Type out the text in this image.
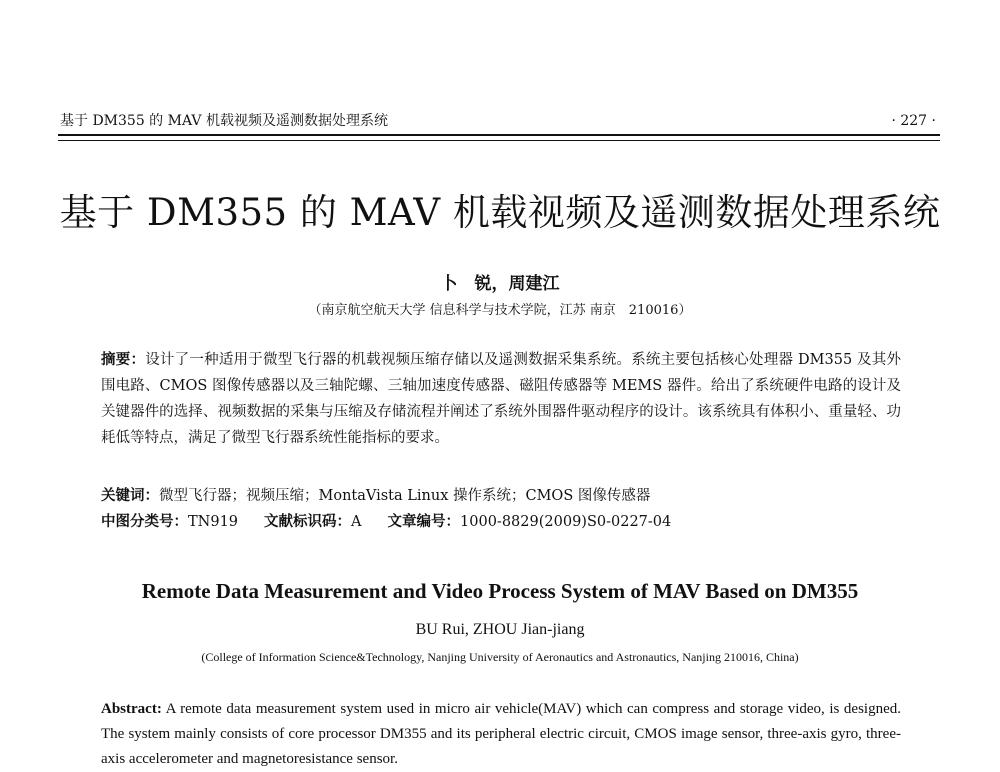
基于 DM355 的 MAV 机载视频及遥测数据处理系统	· 227 ·
基于 DM355 的 MAV 机载视频及遥测数据处理系统
卜　锐，周建江
（南京航空航天大学 信息科学与技术学院，江苏 南京　210016）
摘要：设计了一种适用于微型飞行器的机载视频压缩存储以及遥测数据采集系统。系统主要包括核心处理器 DM355 及其外围电路、CMOS 图像传感器以及三轴陀螺、三轴加速度传感器、磁阻传感器等 MEMS 器件。给出了系统硬件电路的设计及关键器件的选择、视频数据的采集与压缩及存储流程并阐述了系统外围器件驱动程序的设计。该系统具有体积小、重量轻、功耗低等特点，满足了微型飞行器系统性能指标的要求。
关键词：微型飞行器；视频压缩；MontaVista Linux 操作系统；CMOS 图像传感器
中图分类号：TN919 文献标识码：A 文章编号：1000-8829(2009)S0-0227-04
Remote Data Measurement and Video Process System of MAV Based on DM355
BU Rui, ZHOU Jian-jiang
(College of Information Science&Technology, Nanjing University of Aeronautics and Astronautics, Nanjing 210016, China)
Abstract: A remote data measurement system used in micro air vehicle(MAV) which can compress and storage video, is designed. The system mainly consists of core processor DM355 and its peripheral electric circuit, CMOS image sensor, three-axis gyro, three-axis accelerometer and magnetoresistance sensor.
